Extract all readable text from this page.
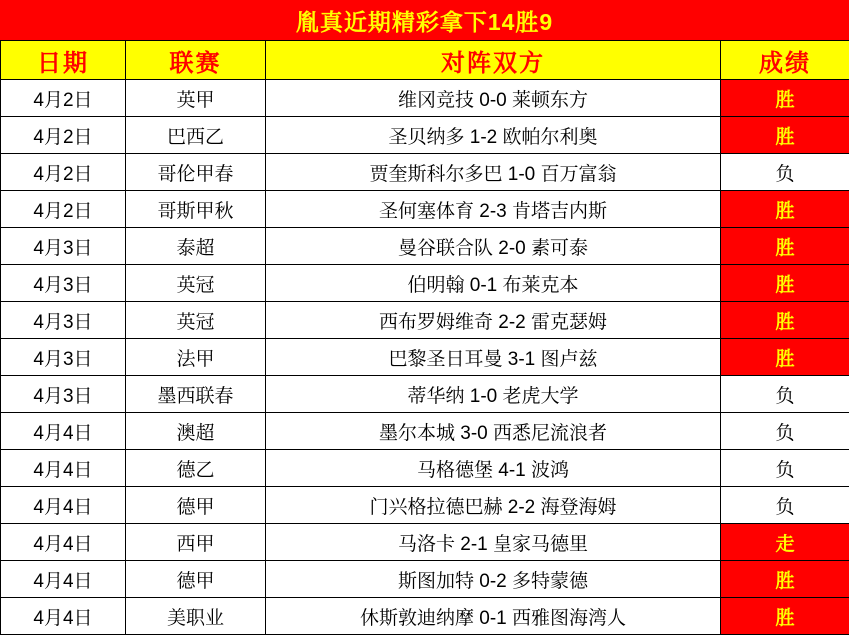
胤真近期精彩拿下14胜9
日期	联赛	对阵双方	成绩
4月2日	英甲	维冈竞技 0-0 莱顿东方	胜
4月2日	巴西乙	圣贝纳多 1-2 欧帕尔利奥	胜
4月2日	哥伦甲春	贾奎斯科尔多巴 1-0 百万富翁	负
4月2日	哥斯甲秋	圣何塞体育 2-3 肯塔吉内斯	胜
4月3日	泰超	曼谷联合队 2-0 素可泰	胜
4月3日	英冠	伯明翰 0-1 布莱克本	胜
4月3日	英冠	西布罗姆维奇 2-2 雷克瑟姆	胜
4月3日	法甲	巴黎圣日耳曼 3-1 图卢兹	胜
4月3日	墨西联春	蒂华纳 1-0 老虎大学	负
4月4日	澳超	墨尔本城 3-0 西悉尼流浪者	负
4月4日	德乙	马格德堡 4-1 波鸿	负
4月4日	德甲	门兴格拉德巴赫 2-2 海登海姆	负
4月4日	西甲	马洛卡 2-1 皇家马德里	走
4月4日	德甲	斯图加特 0-2 多特蒙德	胜
4月4日	美职业	休斯敦迪纳摩 0-1 西雅图海湾人	胜
